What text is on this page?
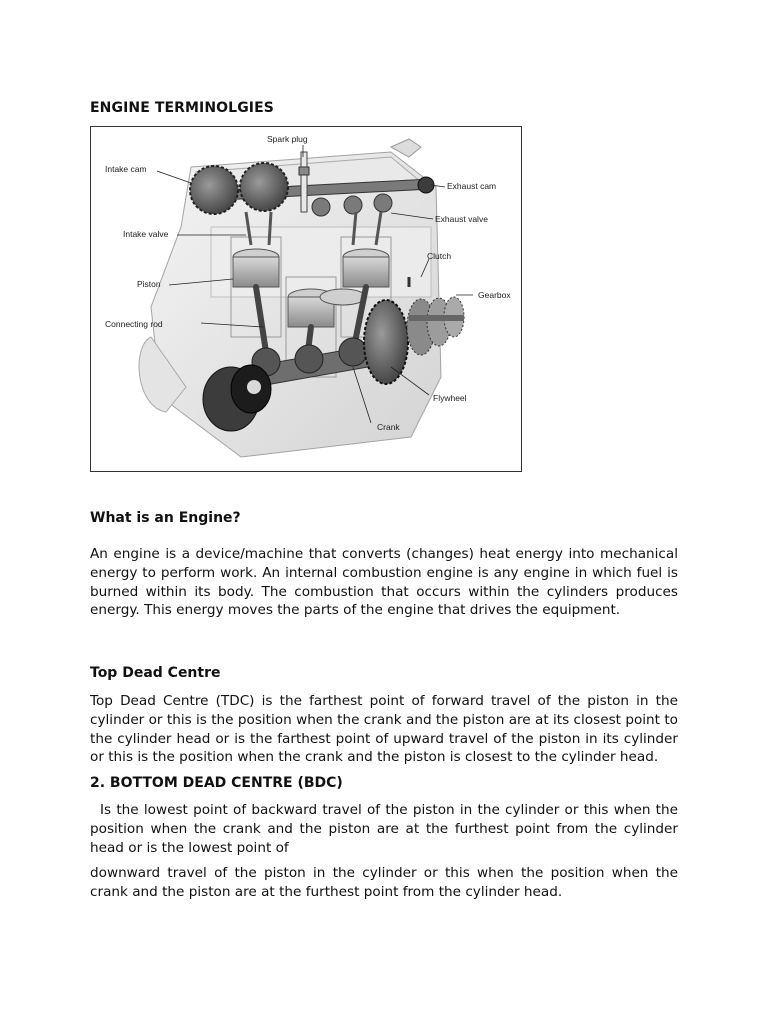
ENGINE TERMINOLGIES
Spark plug
Intake cam
Exhaust cam
Exhaust valve
Intake valve
Clutch
Piston
Gearbox
Connecting rod
Flywheel
Crank
What is an Engine?
An engine is a device/machine that converts (changes) heat energy into mechanical energy to perform work. An internal combustion engine is any engine in which fuel is burned within its body. The combustion that occurs within the cylinders produces energy. This energy moves the parts of the engine that drives the equipment.
Top Dead Centre
Top Dead Centre (TDC) is the farthest point of forward travel of the piston in the cylinder or this is the position when the crank and the piston are at its closest point to the cylinder head or is the farthest point of upward travel of the piston in its cylinder or this is the position when the crank and the piston is closest to the cylinder head.
2. BOTTOM DEAD CENTRE (BDC)
Is the lowest point of backward travel of the piston in the cylinder or this when the position when the crank and the piston are at the furthest point from the cylinder head or is the lowest point of
downward travel of the piston in the cylinder or this when the position when the crank and the piston are at the furthest point from the cylinder head.
